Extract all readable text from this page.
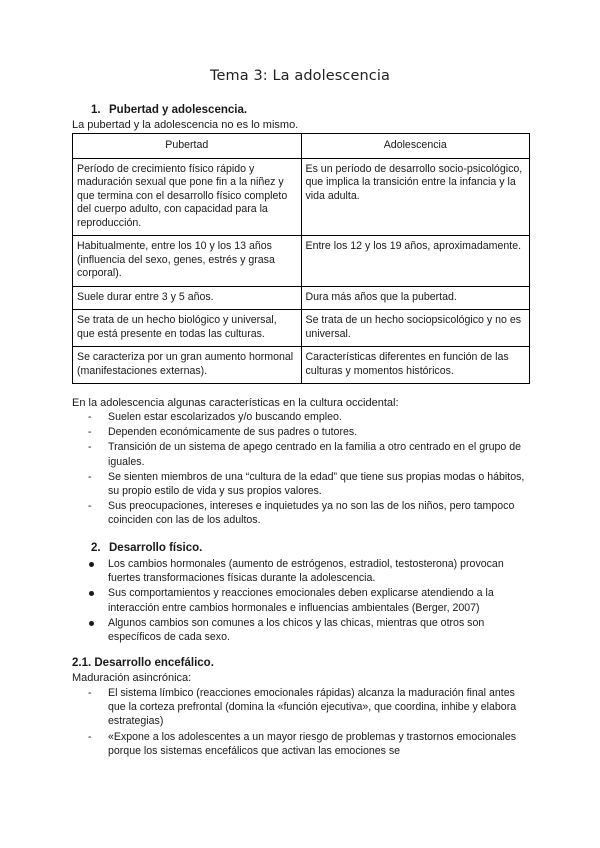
Tema 3: La adolescencia
1. Pubertad y adolescencia.
La pubertad y la adolescencia no es lo mismo.
Pubertad	Adolescencia
Período de crecimiento físico rápido y maduración sexual que pone fin a la niñez y que termina con el desarrollo físico completo del cuerpo adulto, con capacidad para la reproducción.	Es un período de desarrollo socio-psicológico, que implica la transición entre la infancia y la vida adulta.
Habitualmente, entre los 10 y los 13 años (influencia del sexo, genes, estrés y grasa corporal).	Entre los 12 y los 19 años, aproximadamente.
Suele durar entre 3 y 5 años.	Dura más años que la pubertad.
Se trata de un hecho biológico y universal, que está presente en todas las culturas.	Se trata de un hecho sociopsicológico y no es universal.
Se caracteriza por un gran aumento hormonal (manifestaciones externas).	Características diferentes en función de las culturas y momentos históricos.
En la adolescencia algunas características en la cultura occidental:
-	Suelen estar escolarizados y/o buscando empleo.
-	Dependen económicamente de sus padres o tutores.
-	Transición de un sistema de apego centrado en la familia a otro centrado en el grupo de iguales.
-	Se sienten miembros de una “cultura de la edad” que tiene sus propias modas o hábitos, su propio estilo de vida y sus propios valores.
-	Sus preocupaciones, intereses e inquietudes ya no son las de los niños, pero tampoco coinciden con las de los adultos.
2. Desarrollo físico.
Los cambios hormonales (aumento de estrógenos, estradiol, testosterona) provocan fuertes transformaciones físicas durante la adolescencia.
Sus comportamientos y reacciones emocionales deben explicarse atendiendo a la interacción entre cambios hormonales e influencias ambientales (Berger, 2007)
Algunos cambios son comunes a los chicos y las chicas, mientras que otros son específicos de cada sexo.
2.1. Desarrollo encefálico.
Maduración asincrónica:
-	El sistema límbico (reacciones emocionales rápidas) alcanza la maduración final antes que la corteza prefrontal (domina la «función ejecutiva», que coordina, inhibe y elabora estrategias)
-	«Expone a los adolescentes a un mayor riesgo de problemas y trastornos emocionales porque los sistemas encefálicos que activan las emociones se
